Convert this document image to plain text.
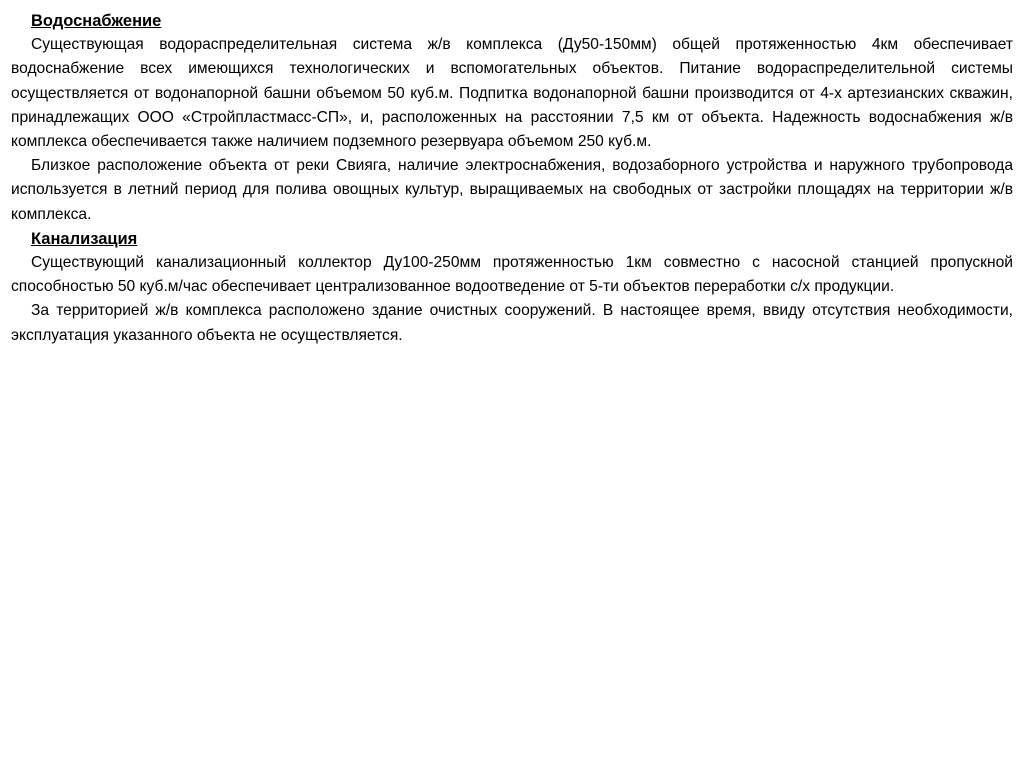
Водоснабжение

Существующая водораспределительная система ж/в комплекса (Ду50-150мм) общей протяженностью 4км обеспечивает водоснабжение всех имеющихся технологических и вспомогательных объектов. Питание водораспределительной системы осуществляется от водонапорной башни объемом 50 куб.м. Подпитка водонапорной башни производится от 4-х артезианских скважин, принадлежащих ООО «Стройпластмасс-СП», и, расположенных на расстоянии 7,5 км от объекта. Надежность водоснабжения ж/в комплекса обеспечивается также наличием подземного резервуара объемом 250 куб.м.

Близкое расположение объекта от реки Свияга, наличие электроснабжения, водозаборного устройства и наружного трубопровода используется в летний период для полива овощных культур, выращиваемых на свободных от застройки площадях на территории ж/в комплекса.

Канализация

Существующий канализационный коллектор Ду100-250мм протяженностью 1км совместно с насосной станцией пропускной способностью 50 куб.м/час обеспечивает централизованное водоотведение от 5-ти объектов переработки с/х продукции.

За территорией ж/в комплекса расположено здание очистных сооружений. В настоящее время, ввиду отсутствия необходимости, эксплуатация указанного объекта не осуществляется.
